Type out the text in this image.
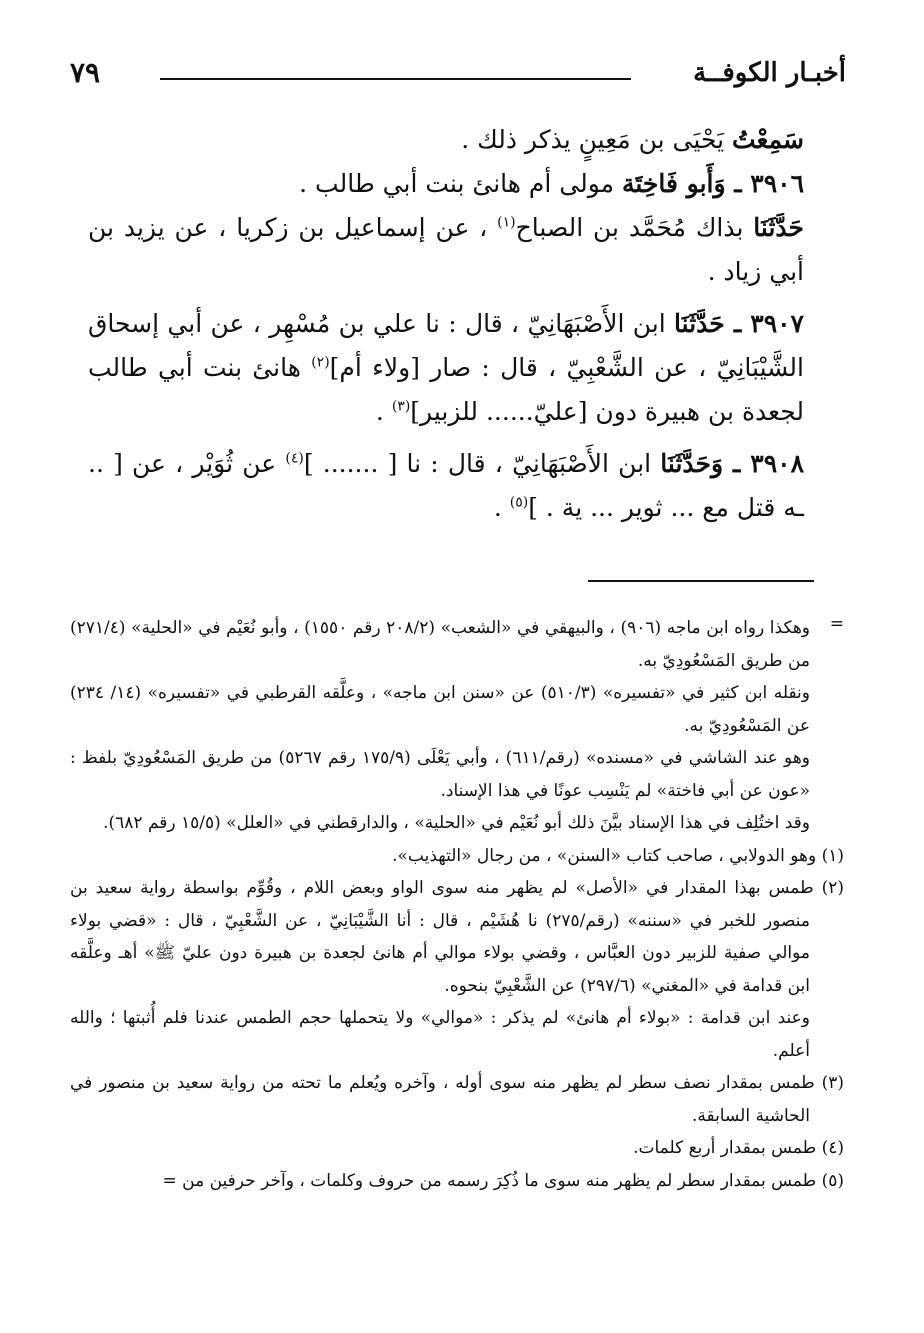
أخبـار الكوفــة
٧٩

سَمِعْتُ يَحْيَى بن مَعِينٍ يذكر ذلك .

٣٩٠٦ ـ وَأَبو فَاخِتَة مولى أم هانئ بنت أبي طالب .

حَدَّثَنَا بذاك مُحَمَّد بن الصباح$^{(١)}$ ، عن إسماعيل بن زكريا ، عن يزيد بن أبي زياد .

٣٩٠٧ ـ حَدَّثَنَا ابن الأَصْبَهَانِيّ ، قال : نا علي بن مُسْهِر ، عن أبي إسحاق الشَّيْبَانِيّ ، عن الشَّعْبِيّ ، قال : صار [ولاء أم]$^{(٢)}$ هانئ بنت أبي طالب لجعدة بن هبيرة دون [عليّ...... للزبير]$^{(٣)}$ .

٣٩٠٨ ـ وَحَدَّثَنَا ابن الأَصْبَهَانِيّ ، قال : نا [ ....... ]$^{(٤)}$ عن ثُوَيْر ، عن [ .. ـه قتل مع ... ثوير ... ية . ]$^{(٥)}$ .

=

وهكذا رواه ابن ماجه (٩٠٦) ، والبيهقي في «الشعب» (٢٠٨/٢ رقم ١٥٥٠) ، وأبو نُعَيْم في «الحلية» (٢٧١/٤) من طريق المَسْعُودِيّ به.

ونقله ابن كثير في «تفسيره» (٥١٠/٣) عن «سنن ابن ماجه» ، وعلَّقه القرطبي في «تفسيره» (١٤/ ٢٣٤) عن المَسْعُودِيّ به.

وهو عند الشاشي في «مسنده» (رقم/٦١١) ، وأبي يَعْلَى (١٧٥/٩ رقم ٥٢٦٧) من طريق المَسْعُودِيّ بلفظ : «عون عن أبي فاختة» لم يَنْسِب عونًا في هذا الإسناد.

وقد اختُلِف في هذا الإسناد بيَّنَ ذلك أبو نُعَيْم في «الحلية» ، والدارقطني في «العلل» (١٥/٥ رقم ٦٨٢).

(١) وهو الدولابي ، صاحب كتاب «السنن» ، من رجال «التهذيب».

(٢) طمس بهذا المقدار في «الأصل» لم يظهر منه سوى الواو وبعض اللام ، وقُوِّم بواسطة رواية سعيد بن منصور للخبر في «سننه» (رقم/٢٧٥) نا هُشَيْم ، قال : أنا الشَّيْبَانِيّ ، عن الشَّعْبِيّ ، قال : «قضي بولاء موالي صفية للزبير دون العبَّاس ، وقضي بولاء موالي أم هانئ لجعدة بن هبيرة دون عليّ ﷺ» أهـ وعلَّقه ابن قدامة في «المغني» (٢٩٧/٦) عن الشَّعْبِيّ بنحوه.

وعند ابن قدامة : «بولاء أم هانئ» لم يذكر : «موالي» ولا يتحملها حجم الطمس عندنا فلم أُثبتها ؛ والله أعلم.

(٣) طمس بمقدار نصف سطر لم يظهر منه سوى أوله ، وآخره ويُعلم ما تحته من رواية سعيد بن منصور في الحاشية السابقة.

(٤) طمس بمقدار أربع كلمات.

(٥) طمس بمقدار سطر لم يظهر منه سوى ما ذُكِرَ رسمه من حروف وكلمات ، وآخر حرفين من =
